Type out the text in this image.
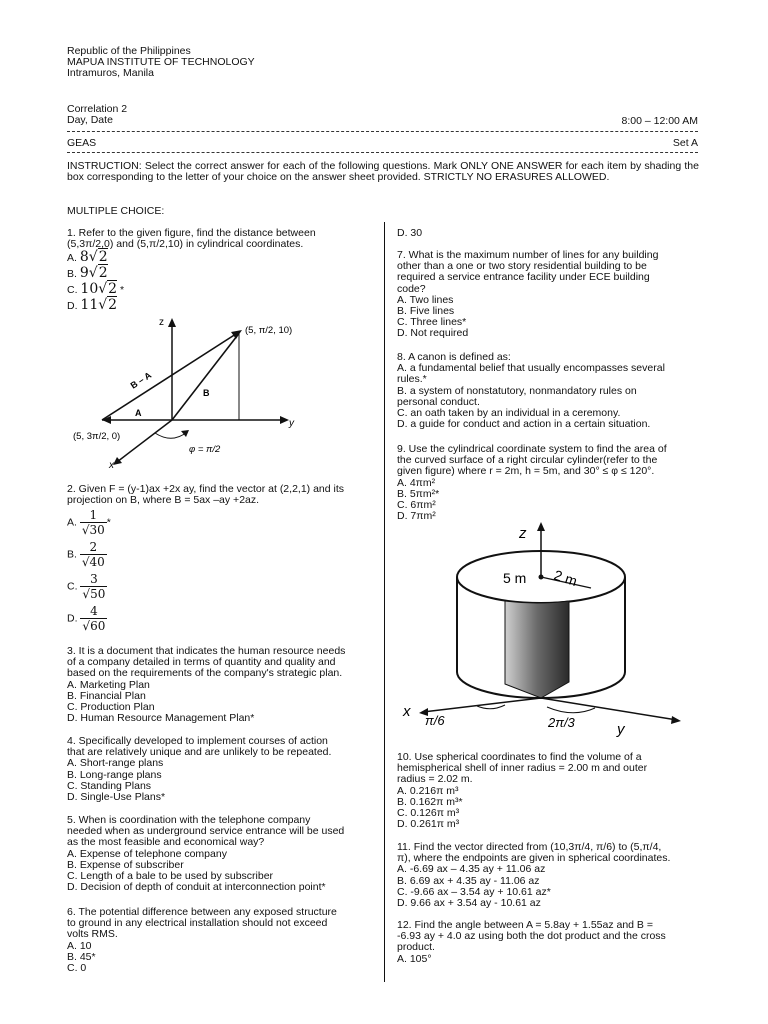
Republic of the Philippines
MAPUA INSTITUTE OF TECHNOLOGY
Intramuros, Manila
Correlation 2
Day, Date	8:00 – 12:00 AM
GEAS	Set A

INSTRUCTION: Select the correct answer for each of the following questions. Mark ONLY ONE ANSWER for each item by shading the box corresponding to the letter of your choice on the answer sheet provided. STRICTLY NO ERASURES ALLOWED.

MULTIPLE CHOICE:
1. Refer to the given figure, find the distance between
(5,3π/2,0) and (5,π/2,10) in cylindrical coordinates.
A. 8√2
B. 9√2
C. 10√2 *
D. 11√2
z
y
x
(5, π/2, 10)
(5, 3π/2, 0)
B – A
B
A
φ = π/2
2. Given F = (y-1)ax +2x ay, find the vector at (2,2,1) and its
projection on B, where B = 5ax –ay +2az.
A. $\frac{1}{√30}$ *
B. $\frac{2}{√40}$
C. $\frac{3}{√50}$
D. $\frac{4}{√60}$
3. It is a document that indicates the human resource needs
of a company detailed in terms of quantity and quality and
based on the requirements of the company's strategic plan.
A. Marketing Plan
B. Financial Plan
C. Production Plan
D. Human Resource Management Plan*
4. Specifically developed to implement courses of action
that are relatively unique and are unlikely to be repeated.
A. Short-range plans
B. Long-range plans
C. Standing Plans
D. Single-Use Plans*
5. When is coordination with the telephone company
needed when as underground service entrance will be used
as the most feasible and economical way?
A. Expense of telephone company
B. Expense of subscriber
C. Length of a bale to be used by subscriber
D. Decision of depth of conduit at interconnection point*
6. The potential difference between any exposed structure
to ground in any electrical installation should not exceed
volts RMS.
A. 10
B. 45*
C. 0
D. 30
7. What is the maximum number of lines for any building
other than a one or two story residential building to be
required a service entrance facility under ECE building
code?
A. Two lines
B. Five lines
C. Three lines*
D. Not required
8. A canon is defined as:
A. a fundamental belief that usually encompasses several
rules.*
B. a system of nonstatutory, nonmandatory rules on
personal conduct.
C. an oath taken by an individual in a ceremony.
D. a guide for conduct and action in a certain situation.
9. Use the cylindrical coordinate system to find the area of
the curved surface of a right circular cylinder(refer to the
given figure) where r = 2m, h = 5m, and 30° ≤ φ ≤ 120°.
A. 4πm²
B. 5πm²*
C. 6πm²
D. 7πm²
z
5 m 2 m
x
y
π/6	2π/3
10. Use spherical coordinates to find the volume of a
hemispherical shell of inner radius = 2.00 m and outer
radius = 2.02 m.
A. 0.216π m³
B. 0.162π m³*
C. 0.126π m³
D. 0.261π m³
11. Find the vector directed from (10,3π/4, π/6) to (5,π/4,
π), where the endpoints are given in spherical coordinates.
A. -6.69 ax – 4.35 ay + 11.06 az
B. 6.69 ax + 4.35 ay - 11.06 az
C. -9.66 ax – 3.54 ay + 10.61 az*
D. 9.66 ax + 3.54 ay - 10.61 az
12. Find the angle between A = 5.8ay + 1.55az and B =
-6.93 ay + 4.0 az using both the dot product and the cross
product.
A. 105°
